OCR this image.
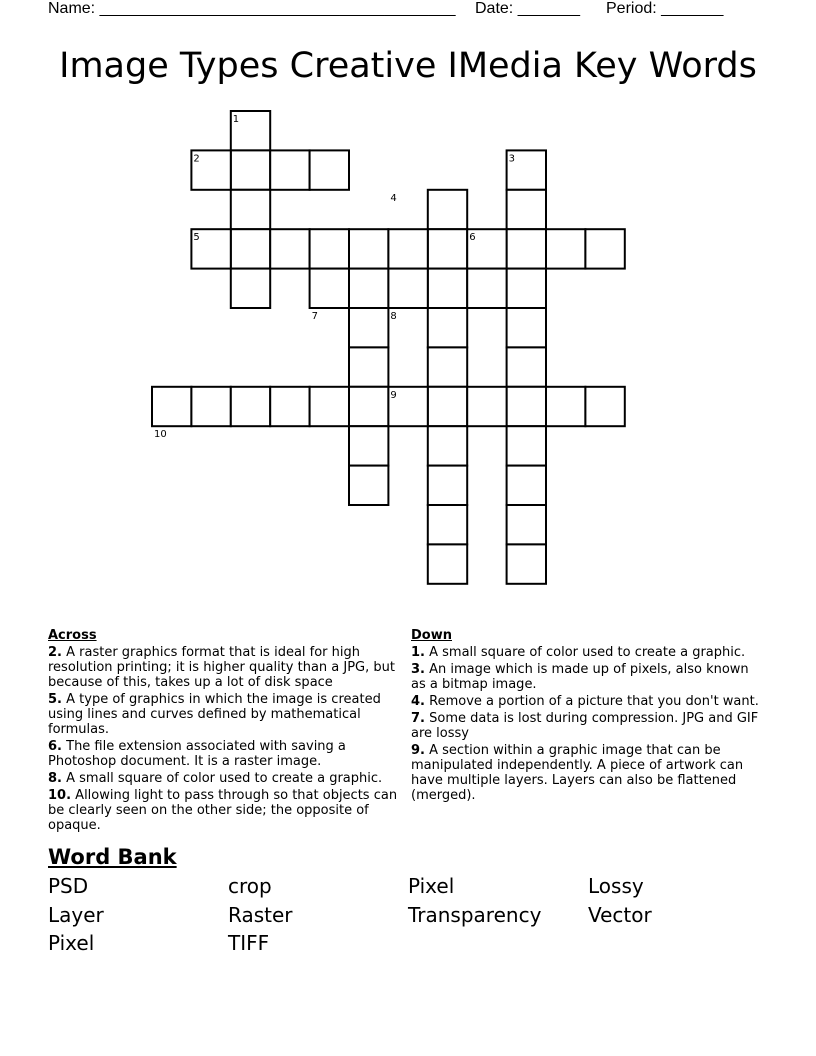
Name: ________________________________________ Date: _______ Period: _______
Image Types Creative IMedia Key Words
1
2	3
4
5	6
7	8
9
10
Across
2. A raster graphics format that is ideal for high resolution printing; it is higher quality than a JPG, but because of this, takes up a lot of disk space
5. A type of graphics in which the image is created using lines and curves defined by mathematical formulas.
6. The file extension associated with saving a Photoshop document. It is a raster image.
8. A small square of color used to create a graphic.
10. Allowing light to pass through so that objects can be clearly seen on the other side; the opposite of opaque.
Down
1. A small square of color used to create a graphic.
3. An image which is made up of pixels, also known as a bitmap image.
4. Remove a portion of a picture that you don't want.
7. Some data is lost during compression. JPG and GIF are lossy
9. A section within a graphic image that can be manipulated independently. A piece of artwork can have multiple layers. Layers can also be flattened (merged).
Word Bank
PSD	crop	Pixel	Lossy
Layer	Raster	Transparency Vector
Pixel	TIFF
